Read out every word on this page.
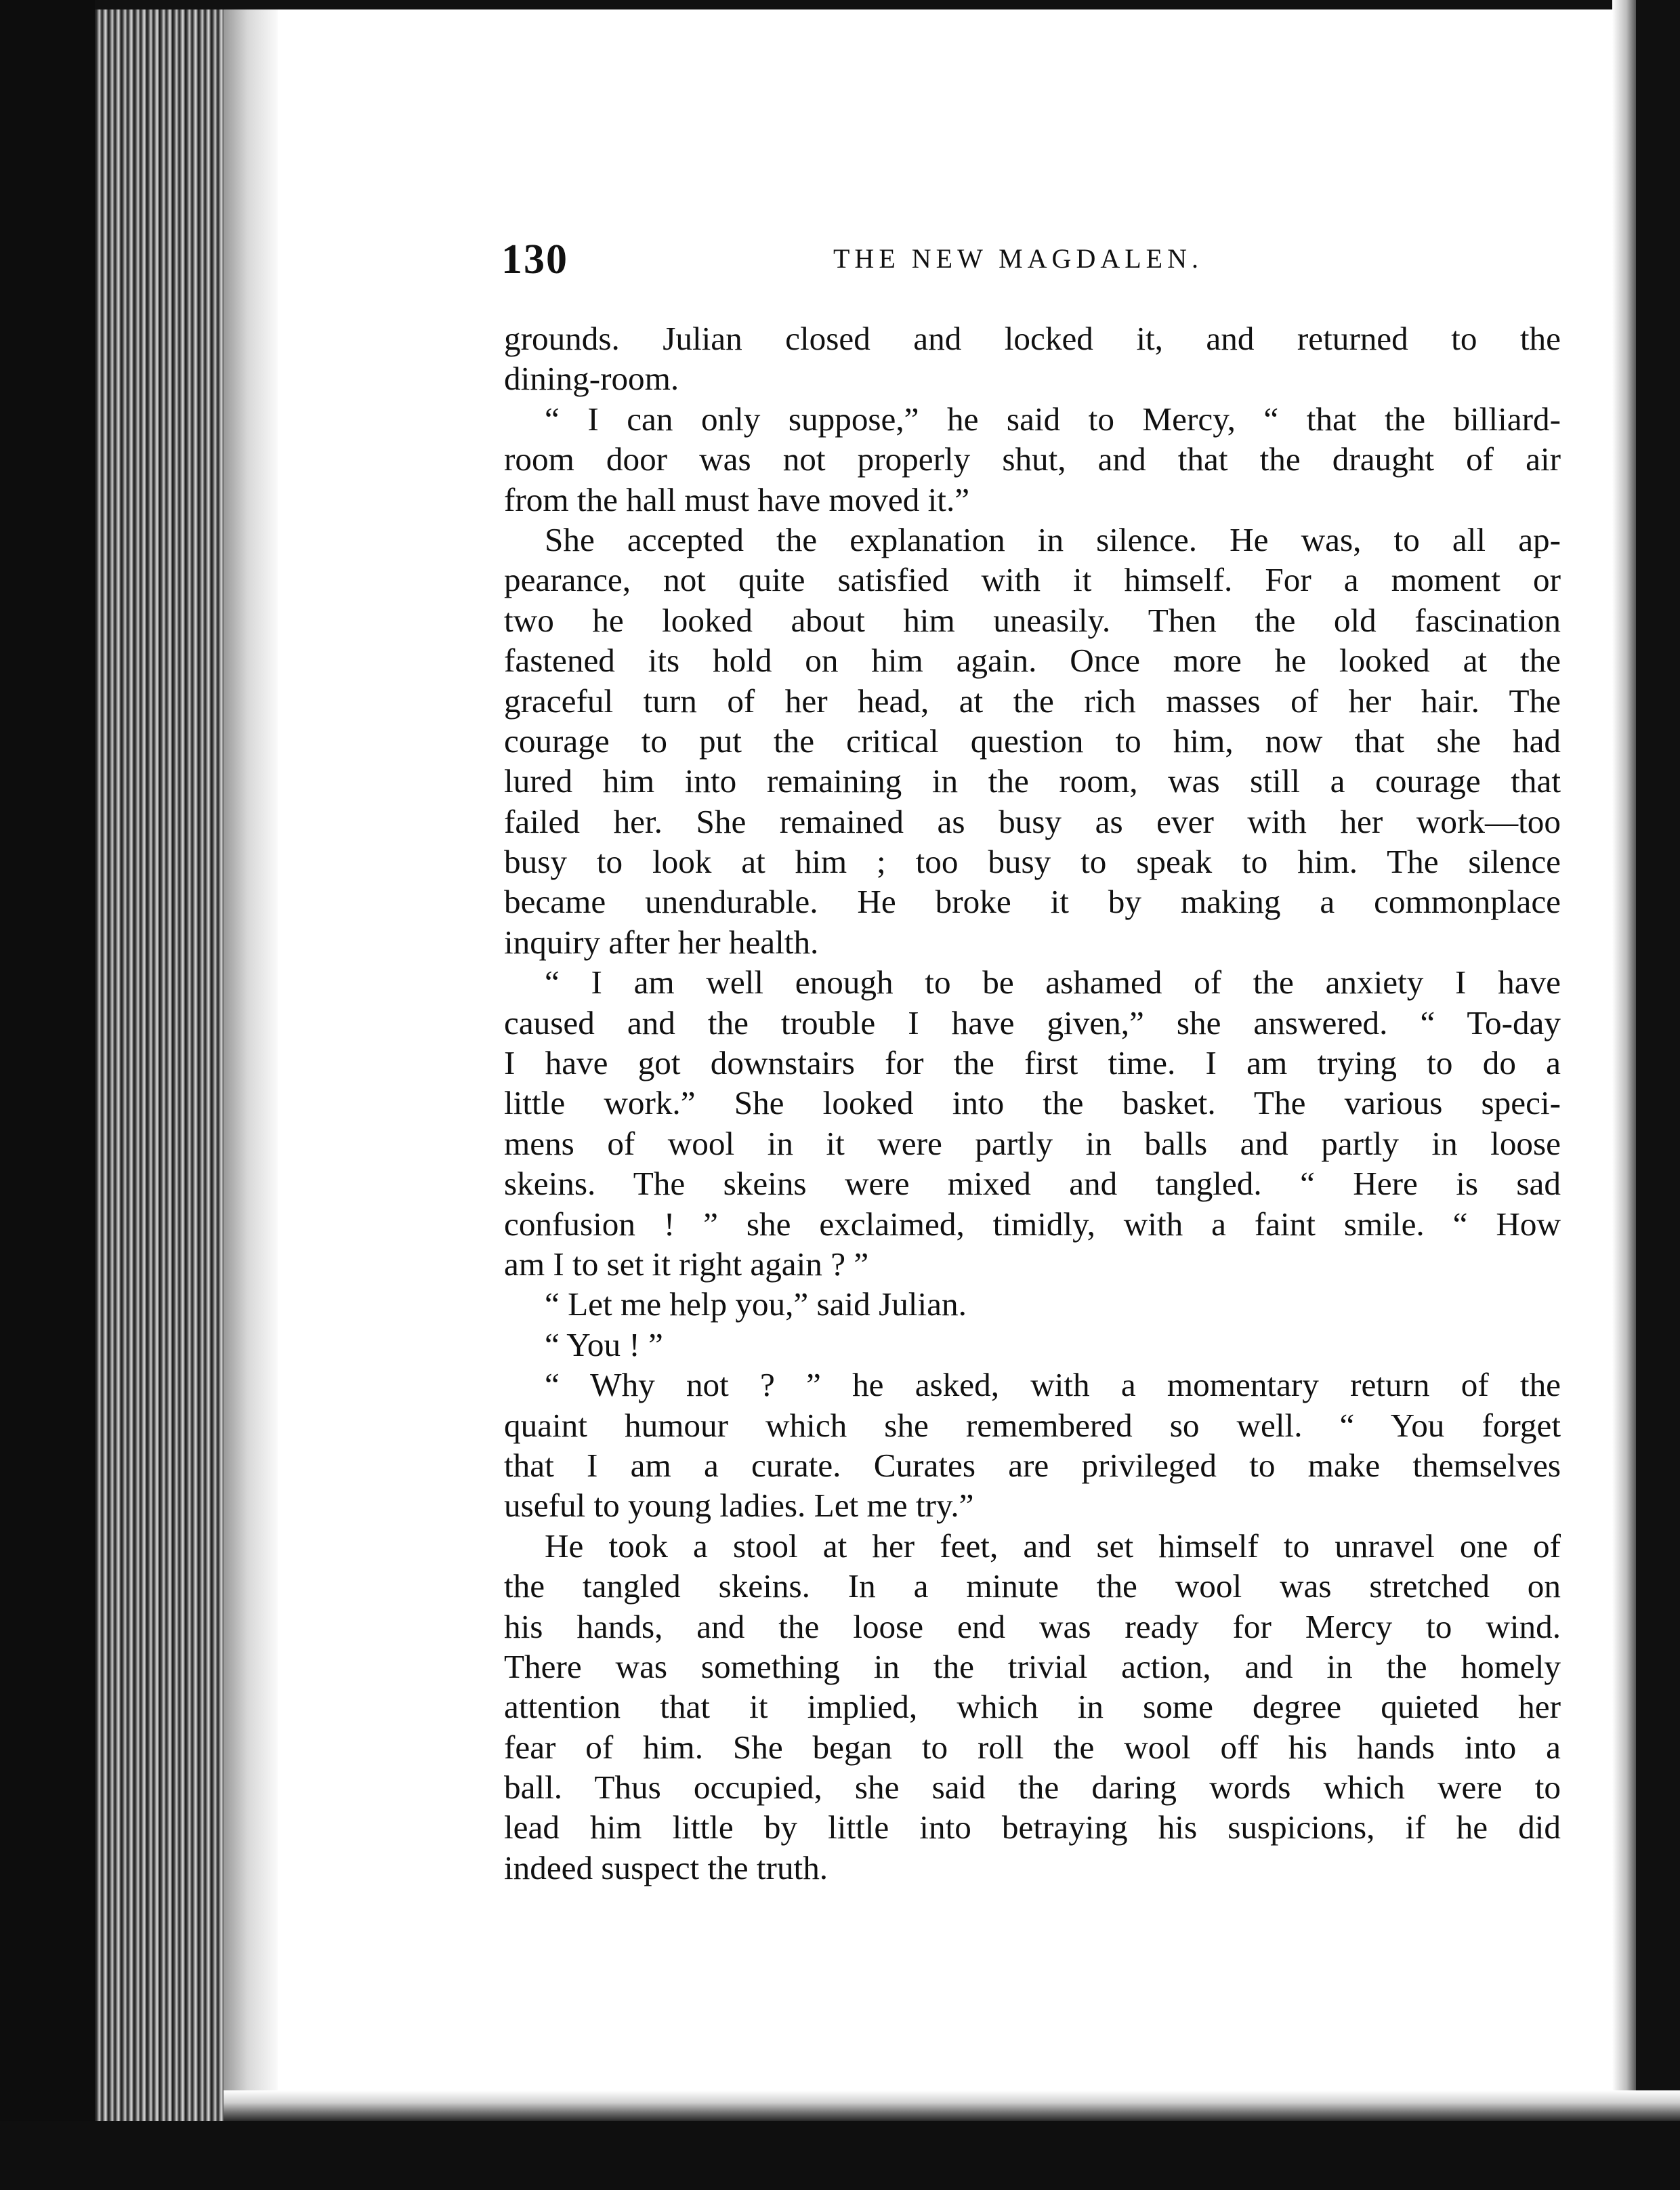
130	THE NEW MAGDALEN.
grounds. Julian closed and locked it, and returned to the
dining-room.
“ I can only suppose,” he said to Mercy, “ that the billiard-
room door was not properly shut, and that the draught of air
from the hall must have moved it.”
She accepted the explanation in silence. He was, to all ap-
pearance, not quite satisfied with it himself. For a moment or
two he looked about him uneasily. Then the old fascination
fastened its hold on him again. Once more he looked at the
graceful turn of her head, at the rich masses of her hair. The
courage to put the critical question to him, now that she had
lured him into remaining in the room, was still a courage that
failed her. She remained as busy as ever with her work—too
busy to look at him ; too busy to speak to him. The silence
became unendurable. He broke it by making a commonplace
inquiry after her health.
“ I am well enough to be ashamed of the anxiety I have
caused and the trouble I have given,” she answered. “ To-day
I have got downstairs for the first time. I am trying to do a
little work.” She looked into the basket. The various speci-
mens of wool in it were partly in balls and partly in loose
skeins. The skeins were mixed and tangled. “ Here is sad
confusion ! ” she exclaimed, timidly, with a faint smile. “ How
am I to set it right again ? ”
“ Let me help you,” said Julian.
“ You ! ”
“ Why not ? ” he asked, with a momentary return of the
quaint humour which she remembered so well. “ You forget
that I am a curate. Curates are privileged to make themselves
useful to young ladies. Let me try.”
He took a stool at her feet, and set himself to unravel one of
the tangled skeins. In a minute the wool was stretched on
his hands, and the loose end was ready for Mercy to wind.
There was something in the trivial action, and in the homely
attention that it implied, which in some degree quieted her
fear of him. She began to roll the wool off his hands into a
ball. Thus occupied, she said the daring words which were to
lead him little by little into betraying his suspicions, if he did
indeed suspect the truth.
